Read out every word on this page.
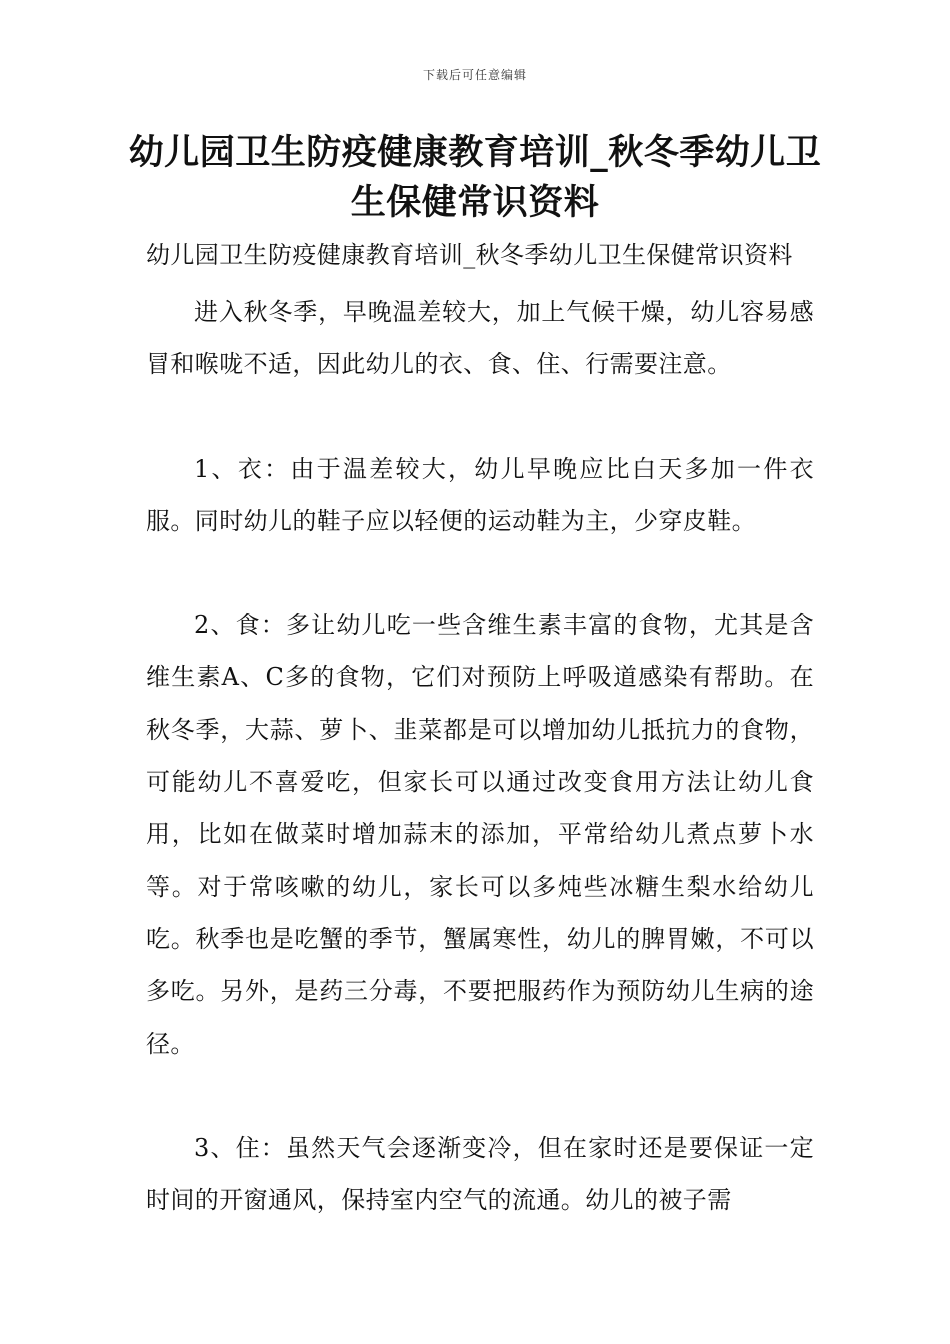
下载后可任意编辑
幼儿园卫生防疫健康教育培训_秋冬季幼儿卫生保健常识资料

幼儿园卫生防疫健康教育培训_秋冬季幼儿卫生保健常识资料

进入秋冬季，早晚温差较大，加上气候干燥，幼儿容易感冒和喉咙不适，因此幼儿的衣、食、住、行需要注意。

1、衣：由于温差较大，幼儿早晚应比白天多加一件衣服。同时幼儿的鞋子应以轻便的运动鞋为主，少穿皮鞋。

2、食：多让幼儿吃一些含维生素丰富的食物，尤其是含维生素A、C多的食物，它们对预防上呼吸道感染有帮助。在秋冬季，大蒜、萝卜、韭菜都是可以增加幼儿抵抗力的食物，可能幼儿不喜爱吃，但家长可以通过改变食用方法让幼儿食用，比如在做菜时增加蒜末的添加，平常给幼儿煮点萝卜水等。对于常咳嗽的幼儿，家长可以多炖些冰糖生梨水给幼儿吃。秋季也是吃蟹的季节，蟹属寒性，幼儿的脾胃嫩，不可以多吃。另外，是药三分毒，不要把服药作为预防幼儿生病的途径。

3、住：虽然天气会逐渐变冷，但在家时还是要保证一定时间的开窗通风，保持室内空气的流通。幼儿的被子需
